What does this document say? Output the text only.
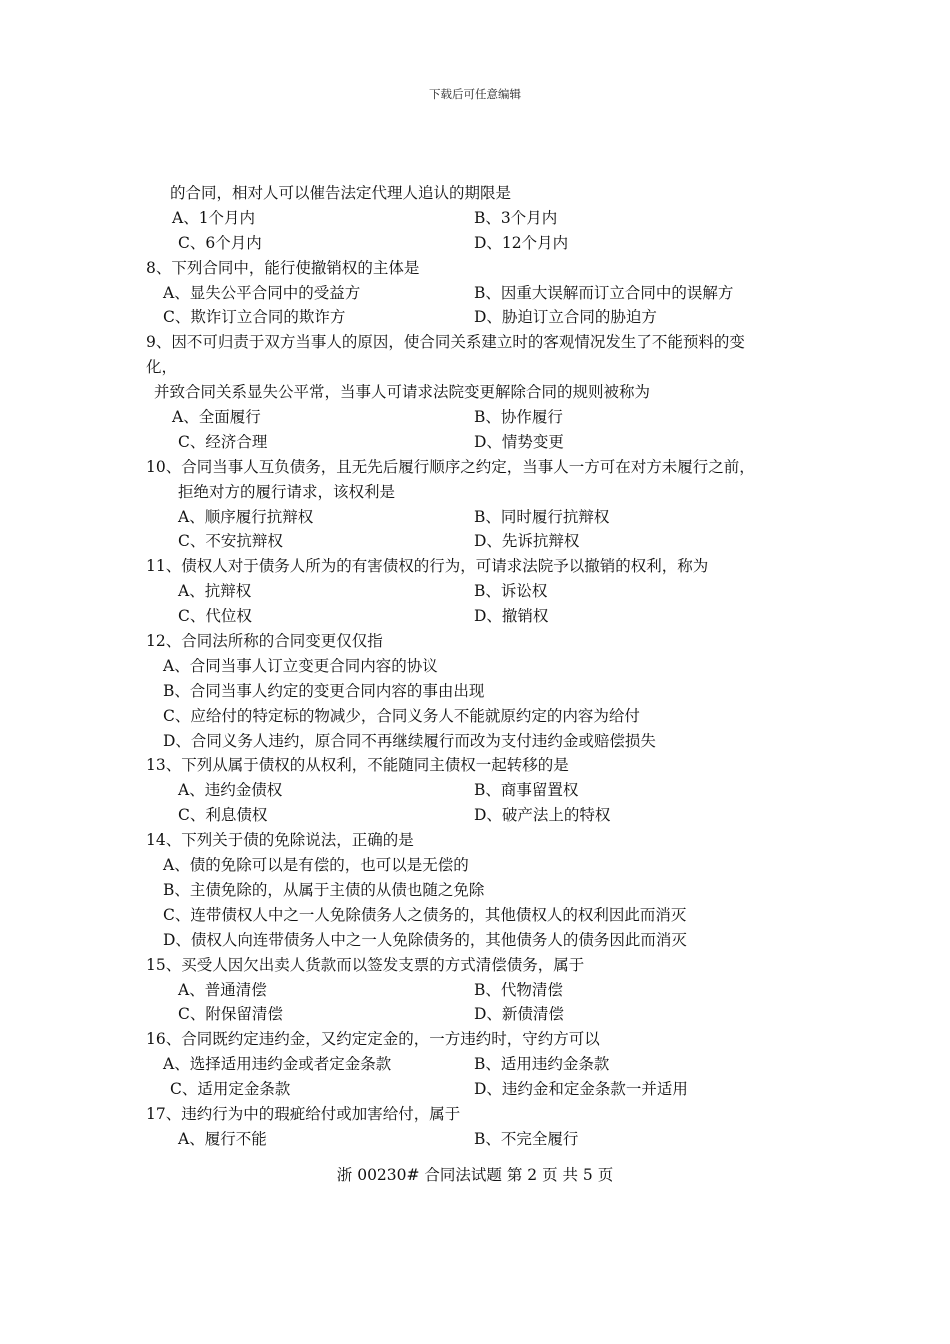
下载后可任意编辑
的合同，相对人可以催告法定代理人追认的期限是
A、1个月内	B、3个月内
C、6个月内	D、12个月内
8、下列合同中，能行使撤销权的主体是
A、显失公平合同中的受益方	B、因重大误解而订立合同中的误解方
C、欺诈订立合同的欺诈方	D、胁迫订立合同的胁迫方
9、因不可归责于双方当事人的原因，使合同关系建立时的客观情况发生了不能预料的变
化，
并致合同关系显失公平常，当事人可请求法院变更解除合同的规则被称为
A、全面履行	B、协作履行
C、经济合理	D、情势变更
10、合同当事人互负债务，且无先后履行顺序之约定，当事人一方可在对方未履行之前，
拒绝对方的履行请求，该权利是
A、顺序履行抗辩权	B、同时履行抗辩权
C、不安抗辩权	D、先诉抗辩权
11、债权人对于债务人所为的有害债权的行为，可请求法院予以撤销的权利，称为
A、抗辩权	B、诉讼权
C、代位权	D、撤销权
12、合同法所称的合同变更仅仅指
A、合同当事人订立变更合同内容的协议
B、合同当事人约定的变更合同内容的事由出现
C、应给付的特定标的物减少，合同义务人不能就原约定的内容为给付
D、合同义务人违约，原合同不再继续履行而改为支付违约金或赔偿损失
13、下列从属于债权的从权利，不能随同主债权一起转移的是
A、违约金债权	B、商事留置权
C、利息债权	D、破产法上的特权
14、下列关于债的免除说法，正确的是
A、债的免除可以是有偿的，也可以是无偿的
B、主债免除的，从属于主债的从债也随之免除
C、连带债权人中之一人免除债务人之债务的，其他债权人的权利因此而消灭
D、债权人向连带债务人中之一人免除债务的，其他债务人的债务因此而消灭
15、买受人因欠出卖人货款而以签发支票的方式清偿债务，属于
A、普通清偿	B、代物清偿
C、附保留清偿	D、新债清偿
16、合同既约定违约金，又约定定金的，一方违约时，守约方可以
A、选择适用违约金或者定金条款	B、适用违约金条款
C、适用定金条款	D、违约金和定金条款一并适用
17、违约行为中的瑕疵给付或加害给付，属于
A、履行不能	B、不完全履行
浙 00230# 合同法试题 第 2 页 共 5 页
